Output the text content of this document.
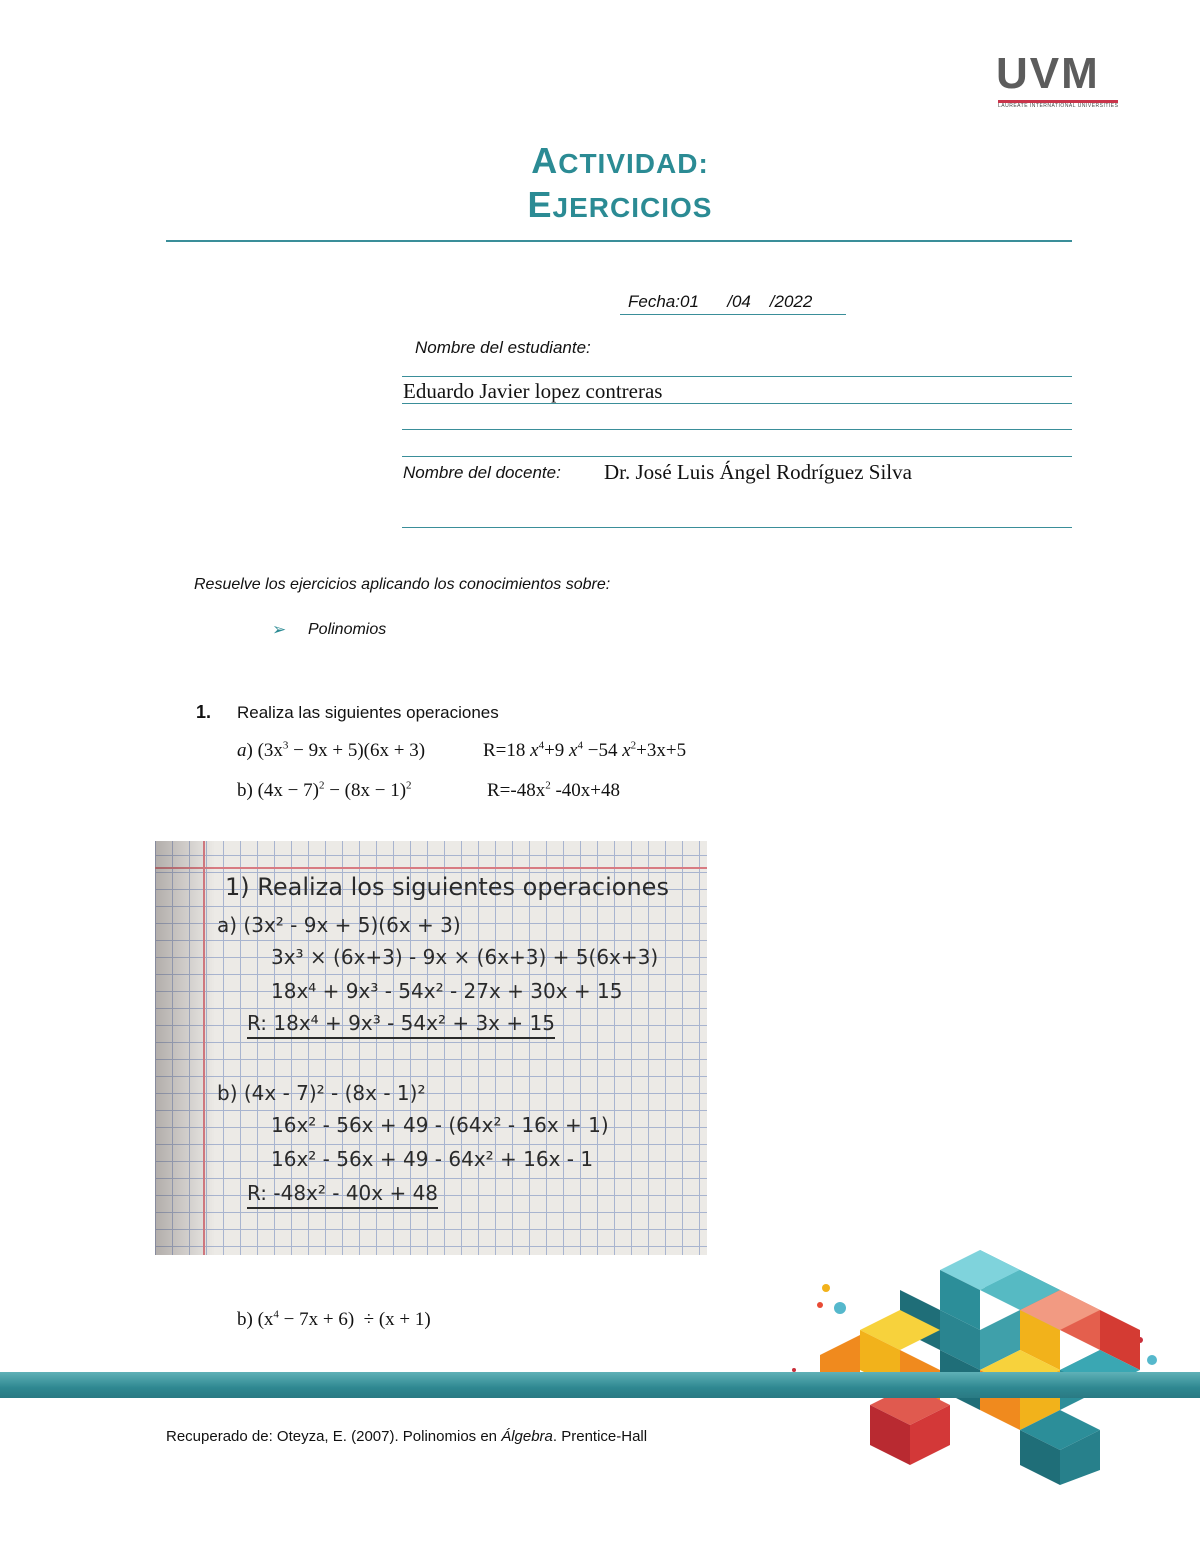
UVM
LAUREATE INTERNATIONAL UNIVERSITIES
ACTIVIDAD:
EJERCICIOS
Fecha:01 /04 /2022
Nombre del estudiante:
Eduardo Javier lopez contreras
Nombre del docente: Dr. José Luis Ángel Rodríguez Silva
Resuelve los ejercicios aplicando los conocimientos sobre:
➢ Polinomios
1. Realiza las siguientes operaciones
a) $(3x^3 - 9x + 5)(6x + 3)$	R=18 $x^4+9$ $x^4 -54$ $x^2+3x+5$
b) $(4x - 7)^2 - (8x - 1)^2$	$R=-48x^2$ -40x+48
1) Realiza los siguientes operaciones
a) (3x² - 9x + 5)(6x + 3)
3x³ × (6x+3) - 9x × (6x+3) + 5(6x+3)
18x⁴ + 9x³ - 54x² - 27x + 30x + 15
R: 18x⁴ + 9x³ - 54x² + 3x + 15
b) (4x - 7)² - (8x - 1)²
16x² - 56x + 49 - (64x² - 16x + 1)
16x² - 56x + 49 - 64x² + 16x - 1
R: -48x² - 40x + 48
b) $(x^4 - 7x + 6) \div (x + 1)$
Recuperado de: Oteyza, E. (2007). Polinomios en Álgebra. Prentice-Hall
